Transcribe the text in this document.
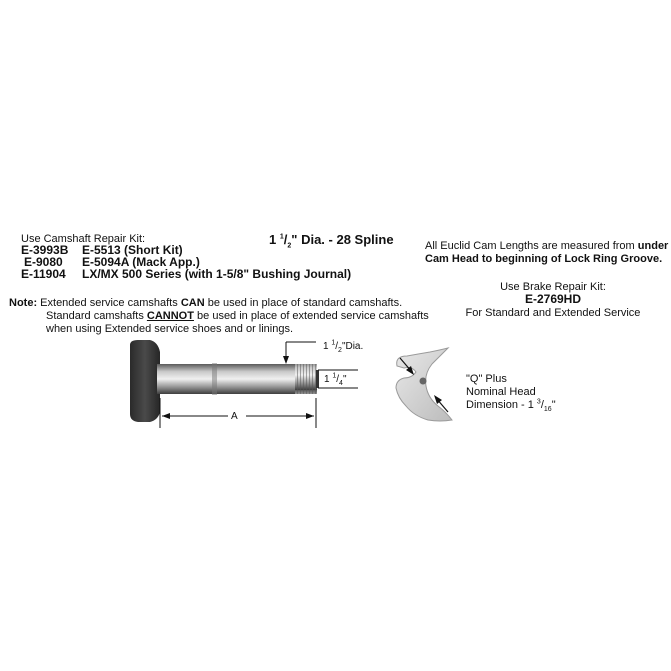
Use Camshaft Repair Kit:
E-3993B E-5513 (Short Kit)
E-9080 E-5094A (Mack App.)
E-11904 LX/MX 500 Series (with 1-5/8" Bushing Journal)
1 $^1/_2$" Dia. - 28 Spline	All Euclid Cam Lengths are measured from under
Cam Head to beginning of Lock Ring Groove.
Use Brake Repair Kit:
E-2769HD
For Standard and Extended Service
Note: Extended service camshafts CAN be used in place of standard camshafts.
Standard camshafts CANNOT be used in place of extended service camshafts
when using Extended service shoes and or linings.
1 $^1/_2"Dia$.
1 $^1/_4$"
A
"Q" Plus
Nominal Head
Dimension - 1 $^3/_{16}$"
